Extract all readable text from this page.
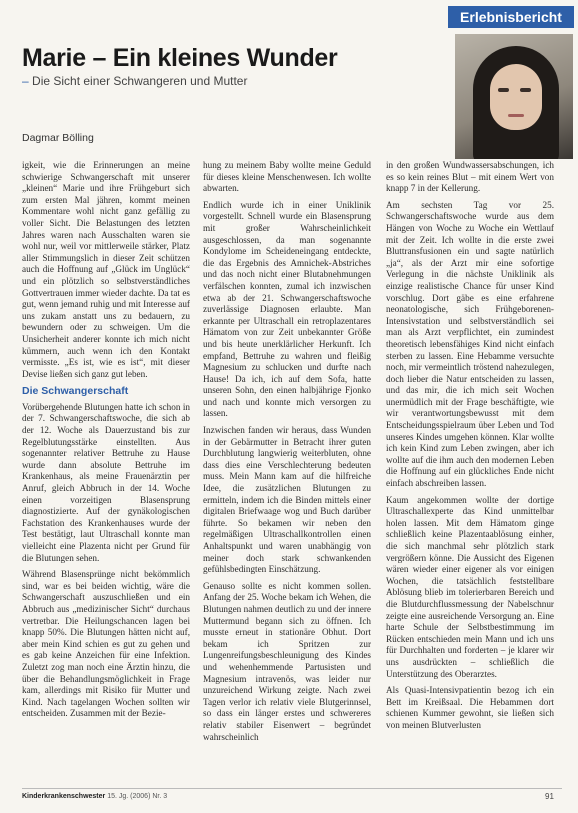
Erlebnisbericht
Marie – Ein kleines Wunder
– Die Sicht einer Schwangeren und Mutter
Dagmar Bölling

igkeit, wie die Erinnerungen an meine schwierige Schwangerschaft mit unserer „kleinen“ Marie und ihre Frühgeburt sich zum ersten Mal jähren, kommt meinen Kommentare wohl nicht ganz gefällig zu voller Sicht. Die Belastungen des letzten Jahres waren nach Ausschalten waren sie wohl nur, weil vor mittlerweile stärker, Platz aller Stimmungslich in dieser Zeit schützen auch die Hoffnung auf „Glück im Unglück“ und ein plötzlich so selbstverständliches Gottvertrauen immer wieder dachte. Da tat es gut, wenn jemand ruhig und mit Interesse auf uns zukam anstatt uns zu bedauern, zu bewundern oder zu schweigen. Um die Unsicherheit anderer konnte ich mich nicht kümmern, auch wenn ich den Kontakt vermisste. „Es ist, wie es ist“, mit dieser Devise ließen sich ganz gut leben.

Die Schwangerschaft

Vorübergehende Blutungen hatte ich schon in der 7. Schwangerschaftswoche, die sich ab der 12. Woche als Dauerzustand bis zur Regelblutungsstärke einstellten. Aus sogenannter relativer Bettruhe zu Hause wurde dann absolute Bettruhe im Krankenhaus, als meine Frauenärztin per Anruf, gleich Abbruch in der 14. Woche einen vorzeitigen Blasensprung diagnostizierte. Auf der gynäkologischen Fachstation des Krankenhauses wurde der Test bestätigt, laut Ultraschall konnte man vielleicht eine Plazenta nicht per Grund für die Blutungen sehen.

Während Blasensprünge nicht bekömmlich sind, war es bei beiden wichtig, wäre die Schwangerschaft auszuschließen und ein Abbruch aus „medizinischer Sicht“ durchaus vertretbar. Die Heilungschancen lagen bei knapp 50%. Die Blutungen hätten nicht auf, aber mein Kind schien es gut zu gehen und es gab keine Anzeichen für eine Infektion. Zuletzt zog man noch eine Ärztin hinzu, die über die Behandlungsmöglichkeit in Frage kam, allerdings mit Risiko für Mutter und Kind. Nach tagelangen Wochen sollten wir entscheiden. Zusammen mit der Bezie-

hung zu meinem Baby wollte meine Geduld für dieses kleine Menschenwesen. Ich wollte abwarten.

Endlich wurde ich in einer Uniklinik vorgestellt. Schnell wurde ein Blasensprung mit großer Wahrscheinlichkeit ausgeschlossen, da man sogenannte Kondylome im Scheideneingang entdeckte, die das Ergebnis des Amnichek-Abstriches und das noch nicht einer Blutabnehmungen verfälschen konnten, zumal ich inzwischen etwa ab der 21. Schwangerschaftswoche zuverlässige Diagnosen erlaubte. Man erkannte per Ultraschall ein retroplazentares Hämatom von zur Zeit unbekannter Größe und bis heute unerklärlicher Herkunft. Ich empfand, Bettruhe zu wahren und fleißig Magnesium zu schlucken und durfte nach Hause! Da ich, ich auf dem Sofa, hatte unseren Sohn, den einen halbjährige Fjonko und nach und konnte mich versorgen zu lassen.

Inzwischen fanden wir heraus, dass Wunden in der Gebärmutter in Betracht ihrer guten Durchblutung langwierig weiterbluten, ohne dass dies eine Verschlechterung bedeuten muss. Mein Mann kam auf die hilfreiche Idee, die zusätzlichen Blutungen zu ermitteln, indem ich die Binden mittels einer digitalen Briefwaage wog und Buch darüber führte. So bekamen wir neben den regelmäßigen Ultraschallkontrollen einen Anhaltspunkt und waren unabhängig von meiner doch stark schwankenden gefühlsbedingten Einschätzung.

Genauso sollte es nicht kommen sollen. Anfang der 25. Woche bekam ich Wehen, die Blutungen nahmen deutlich zu und der innere Muttermund begann sich zu öffnen. Ich musste erneut in stationäre Obhut. Dort bekam ich Spritzen zur Lungenreifungsbeschleunigung des Kindes und wehenhemmende Partusisten und Magnesium intravenös, was leider nur unzureichend Wirkung zeigte. Nach zwei Tagen verlor ich relativ viele Blutgerinnsel, so dass ein länger erstes und schwereres relativ stabiler Eisenwert – begründet wahrscheinlich

in den großen Wundwassersabschungen, ich es so kein reines Blut – mit einem Wert von knapp 7 in der Kellerung.

Am sechsten Tag vor 25. Schwangerschaftswoche wurde aus dem Hängen von Woche zu Woche ein Wettlauf mit der Zeit. Ich wollte in die erste zwei Bluttransfusionen ein und sagte natürlich „ja“, als der Arzt mir eine sofortige Verlegung in die nächste Uniklinik als einzige realistische Chance für unser Kind vorschlug. Dort gäbe es eine erfahrene neonatologische, sich Frühgeborenen-Intensivstation und selbstverständlich sei man als Arzt verpflichtet, ein zumindest theoretisch lebensfähiges Kind nicht einfach sterben zu lassen. Eine Hebamme versuchte noch, mir vermeintlich tröstend nahezulegen, doch lieber die Natur entscheiden zu lassen, und das mir, die ich mich seit Wochen unermüdlich mit der Frage beschäftigte, wie wir verantwortungsbewusst mit dem Entscheidungsspielraum über Leben und Tod unseres Kindes umgehen können. Klar wollte ich kein Kind zum Leben zwingen, aber ich wollte auf die ihm auch den modernen Leben die Hoffnung auf ein glückliches Ende nicht einfach abschreiben lassen.

Kaum angekommen wollte der dortige Ultraschallexperte das Kind unmittelbar holen lassen. Mit dem Hämatom ginge schließlich keine Plazentaablösung einher, die sich manchmal sehr plötzlich stark vergrößern könne. Die Aussicht des Eigenen wären wieder einer eigener als vor einigen Wochen, die tatsächlich feststellbare Ablösung blieb im tolerierbaren Bereich und die Blutdurchflussmessung der Nabelschnur zeigte eine ausreichende Versorgung an. Eine harte Schule der Selbstbestimmung im Rücken entschieden mein Mann und ich uns für Durchhalten und forderten – je klarer wir uns ausdrückten – schließlich die Unterstützung des Oberarztes.

Als Quasi-Intensivpatientin bezog ich ein Bett im Kreißsaal. Die Hebammen dort schienen Kummer gewohnt, sie ließen sich von meinen Blutverlusten

Kinderkrankenschwester 15. Jg. (2006) Nr. 3	91
